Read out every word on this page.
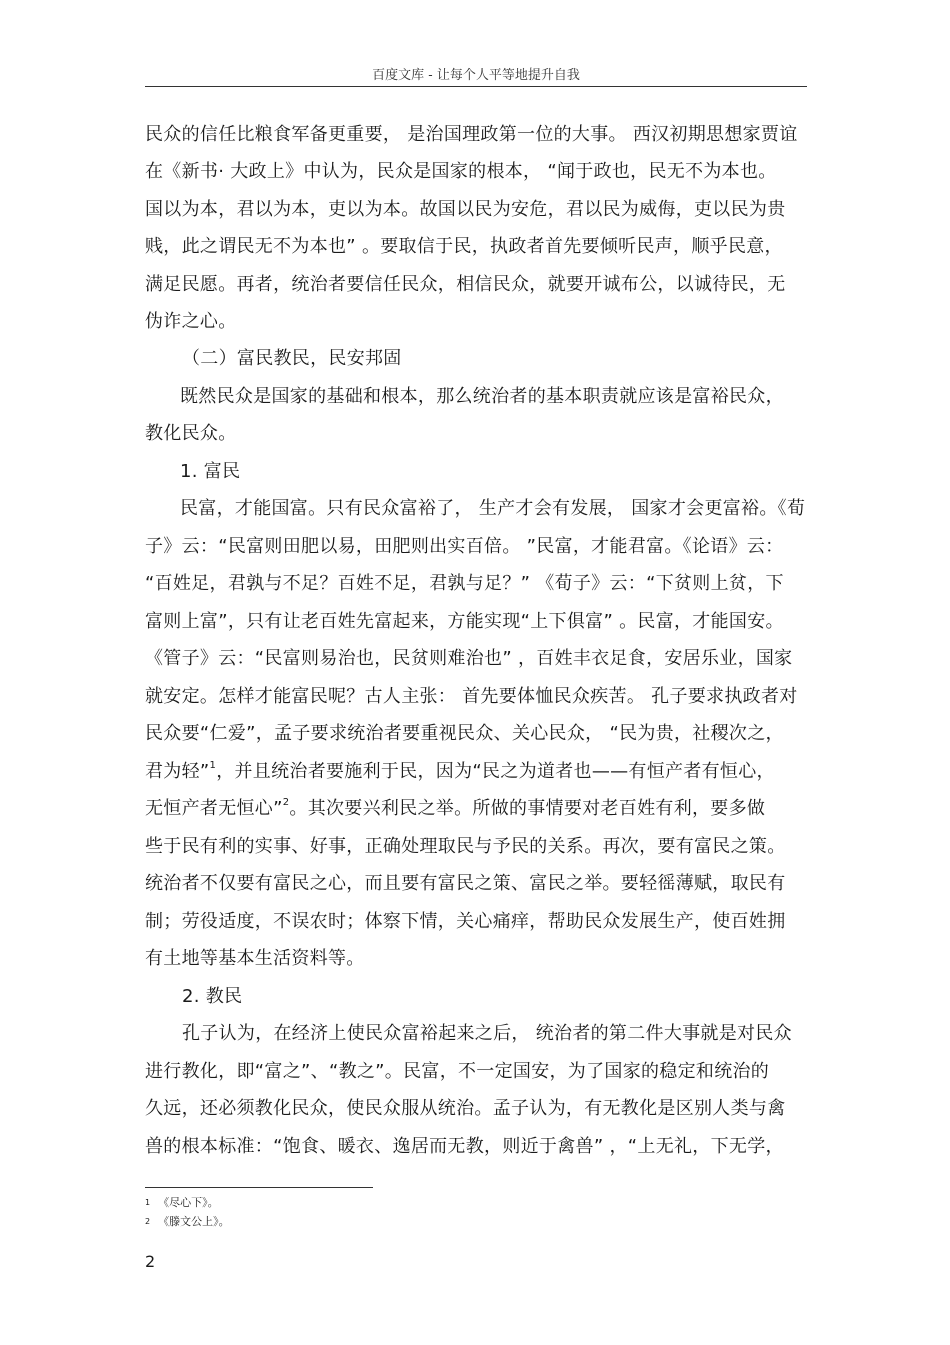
百度文库 - 让每个人平等地提升自我
民众的信任比粮食军备更重要， 是治国理政第一位的大事。 西汉初期思想家贾谊
在《新书· 大政上》中认为，民众是国家的根本， “闻于政也，民无不为本也。
国以为本，君以为本，吏以为本。故国以民为安危，君以民为威侮，吏以民为贵
贱，此之谓民无不为本也” 。要取信于民，执政者首先要倾听民声，顺乎民意，
满足民愿。再者，统治者要信任民众，相信民众，就要开诚布公，以诚待民，无
伪诈之心。
（二）富民教民，民安邦固
既然民众是国家的基础和根本，那么统治者的基本职责就应该是富裕民众，
教化民众。
1. 富民
民富，才能国富。只有民众富裕了， 生产才会有发展， 国家才会更富裕。《荀
子》云：“民富则田肥以易，田肥则出实百倍。 ”民富，才能君富。《论语》云：
“百姓足，君孰与不足？百姓不足，君孰与足？” 《荀子》云：“下贫则上贫，下
富则上富”，只有让老百姓先富起来，方能实现“上下俱富” 。民富，才能国安。
《管子》云：“民富则易治也，民贫则难治也” ，百姓丰衣足食，安居乐业，国家
就安定。怎样才能富民呢？古人主张： 首先要体恤民众疾苦。 孔子要求执政者对
民众要“仁爱”，孟子要求统治者要重视民众、关心民众， “民为贵，社稷次之，
君为轻”$^1$，并且统治者要施利于民，因为“民之为道者也——有恒产者有恒心，
无恒产者无恒心”$^2$。其次要兴利民之举。所做的事情要对老百姓有利，要多做
些于民有利的实事、好事，正确处理取民与予民的关系。再次，要有富民之策。
统治者不仅要有富民之心，而且要有富民之策、富民之举。要轻徭薄赋，取民有
制；劳役适度，不误农时；体察下情，关心痛痒，帮助民众发展生产，使百姓拥
有土地等基本生活资料等。
2. 教民
孔子认为，在经济上使民众富裕起来之后， 统治者的第二件大事就是对民众
进行教化，即“富之”、“教之”。民富，不一定国安，为了国家的稳定和统治的
久远，还必须教化民众，使民众服从统治。孟子认为，有无教化是区别人类与禽
兽的根本标准：“饱食、暖衣、逸居而无教，则近于禽兽” ，“上无礼，下无学，
$^1$ 《尽心下》。
$^2$ 《滕文公上》。
2
